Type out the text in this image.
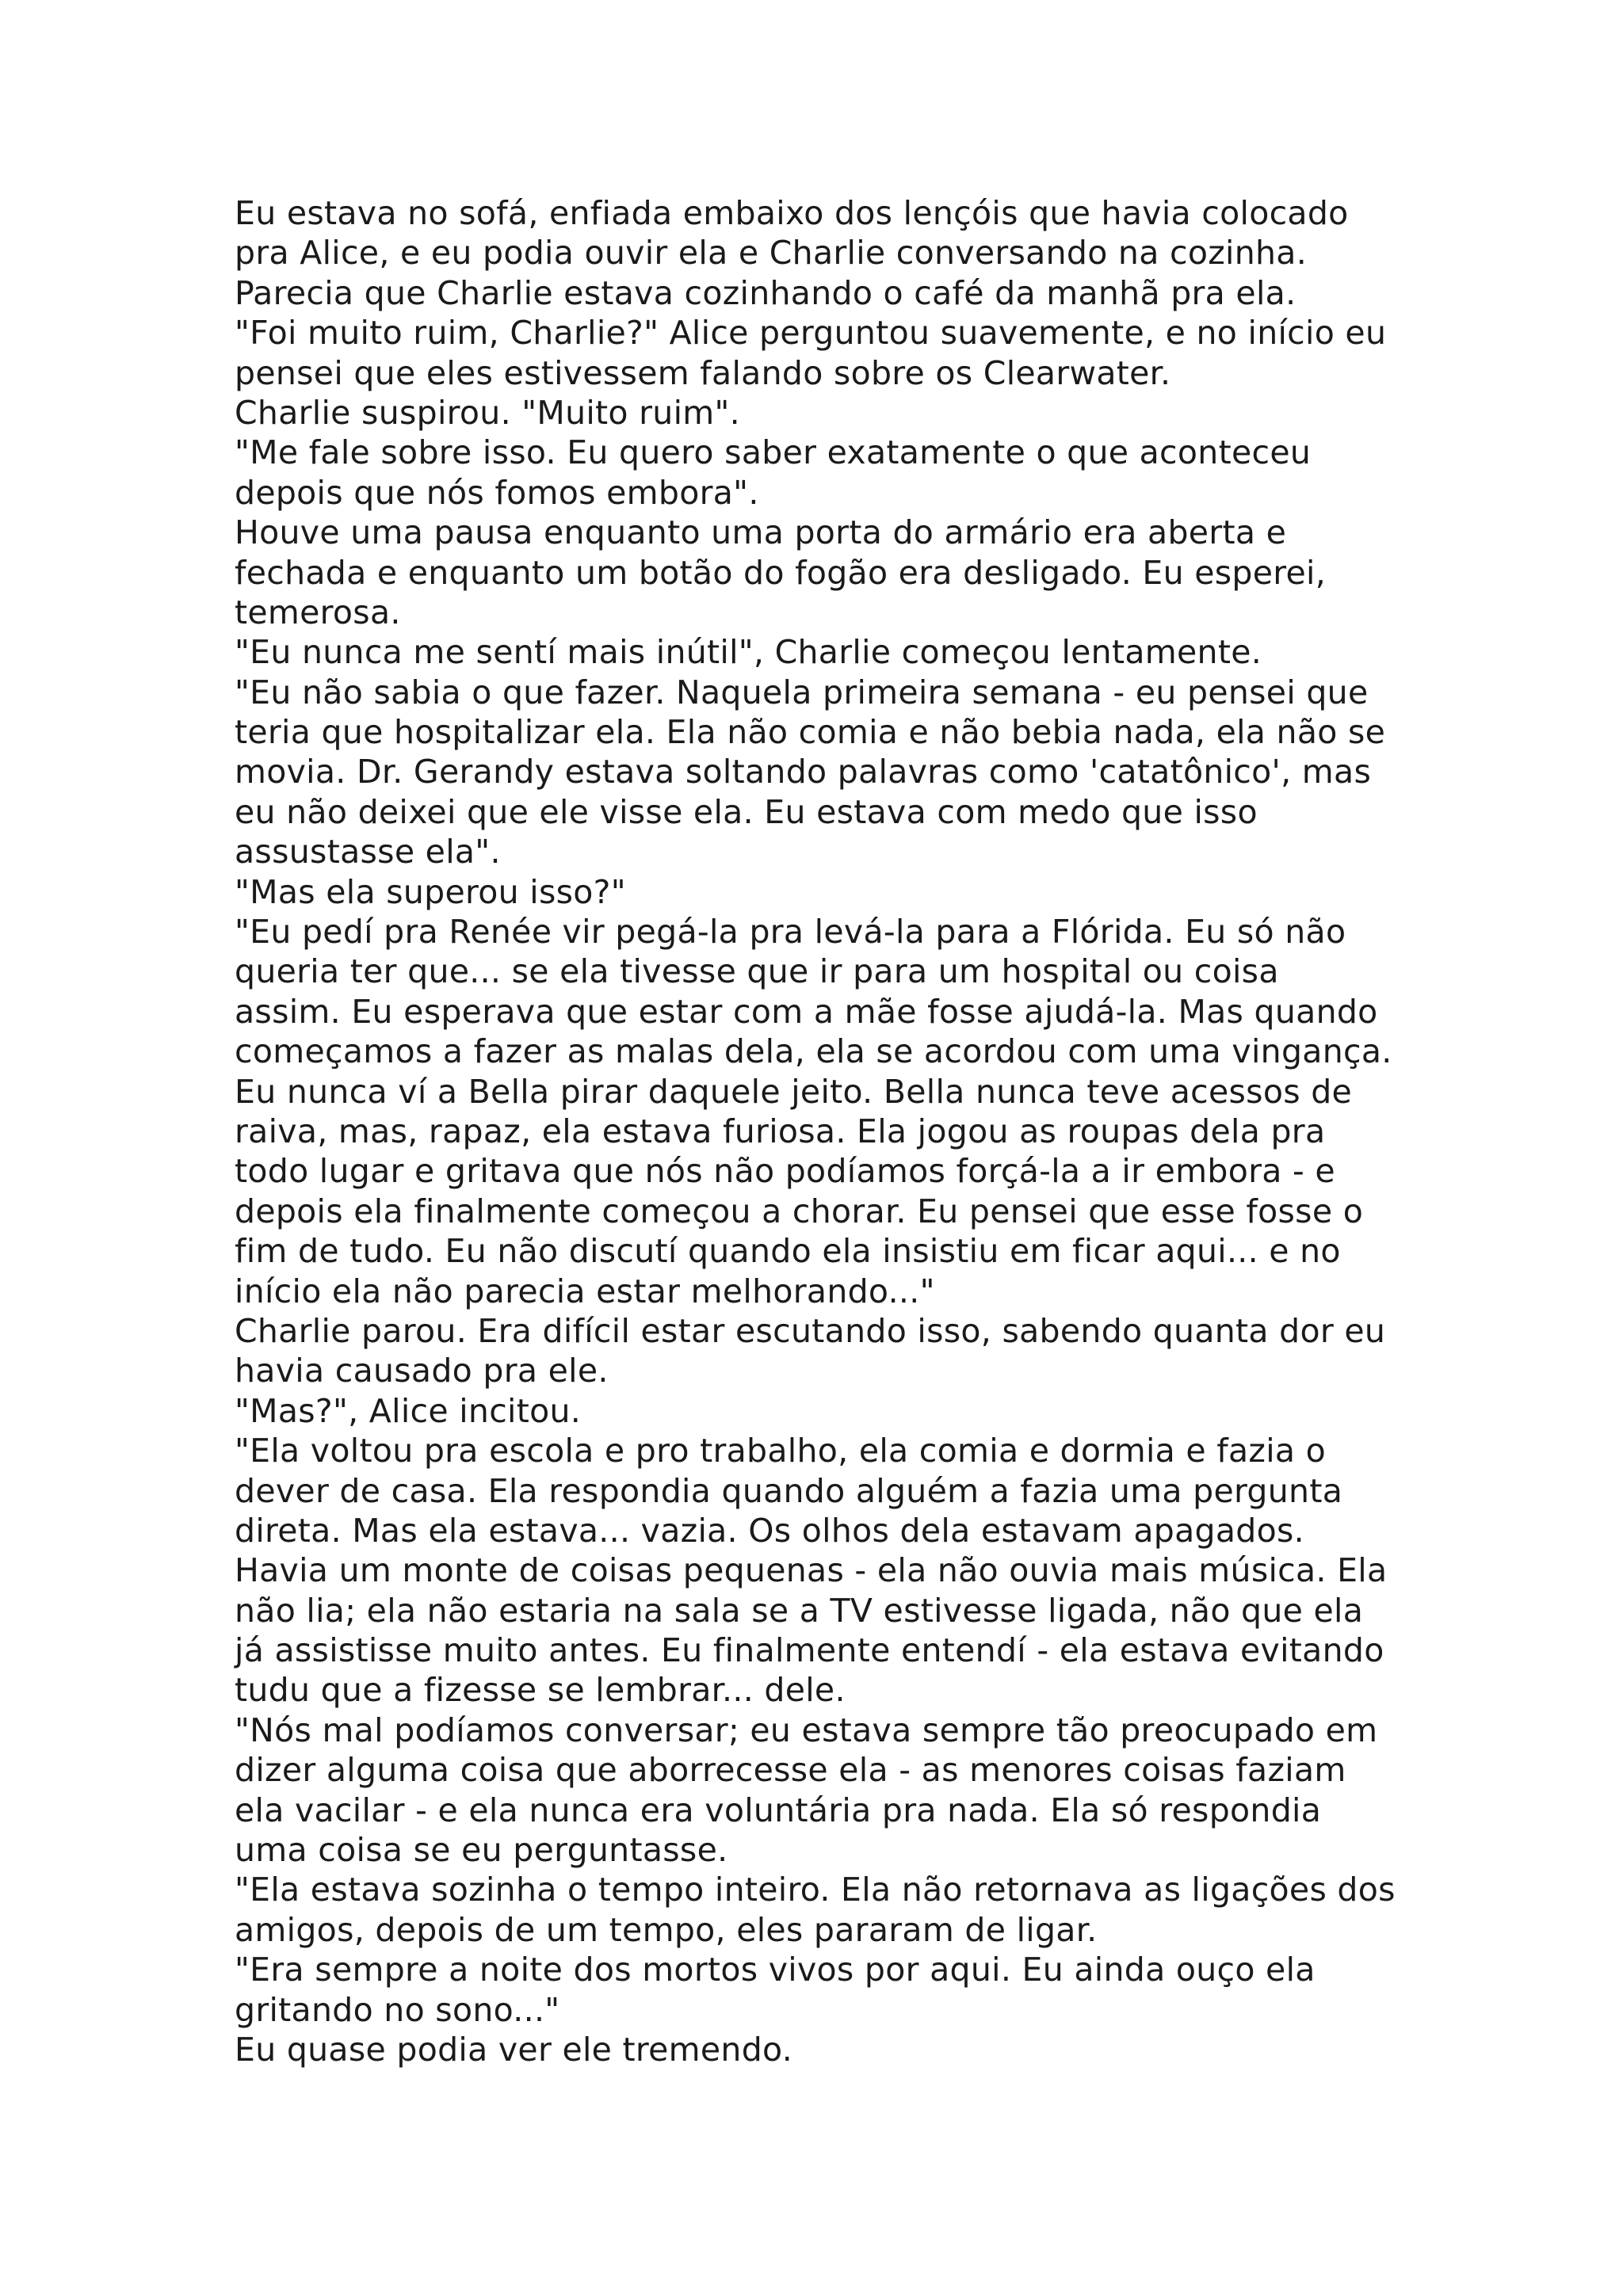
Eu estava no sofá, enfiada embaixo dos lençóis que havia colocado
pra Alice, e eu podia ouvir ela e Charlie conversando na cozinha.
Parecia que Charlie estava cozinhando o café da manhã pra ela.
"Foi muito ruim, Charlie?" Alice perguntou suavemente, e no início eu
pensei que eles estivessem falando sobre os Clearwater.
Charlie suspirou. "Muito ruim".
"Me fale sobre isso. Eu quero saber exatamente o que aconteceu
depois que nós fomos embora".
Houve uma pausa enquanto uma porta do armário era aberta e
fechada e enquanto um botão do fogão era desligado. Eu esperei,
temerosa.
"Eu nunca me sentí mais inútil", Charlie começou lentamente.
"Eu não sabia o que fazer. Naquela primeira semana - eu pensei que
teria que hospitalizar ela. Ela não comia e não bebia nada, ela não se
movia. Dr. Gerandy estava soltando palavras como 'catatônico', mas
eu não deixei que ele visse ela. Eu estava com medo que isso
assustasse ela".
"Mas ela superou isso?"
"Eu pedí pra Renée vir pegá-la pra levá-la para a Flórida. Eu só não
queria ter que... se ela tivesse que ir para um hospital ou coisa
assim. Eu esperava que estar com a mãe fosse ajudá-la. Mas quando
começamos a fazer as malas dela, ela se acordou com uma vingança.
Eu nunca ví a Bella pirar daquele jeito. Bella nunca teve acessos de
raiva, mas, rapaz, ela estava furiosa. Ela jogou as roupas dela pra
todo lugar e gritava que nós não podíamos forçá-la a ir embora - e
depois ela finalmente começou a chorar. Eu pensei que esse fosse o
fim de tudo. Eu não discutí quando ela insistiu em ficar aqui... e no
início ela não parecia estar melhorando..."
Charlie parou. Era difícil estar escutando isso, sabendo quanta dor eu
havia causado pra ele.
"Mas?", Alice incitou.
"Ela voltou pra escola e pro trabalho, ela comia e dormia e fazia o
dever de casa. Ela respondia quando alguém a fazia uma pergunta
direta. Mas ela estava... vazia. Os olhos dela estavam apagados.
Havia um monte de coisas pequenas - ela não ouvia mais música. Ela
não lia; ela não estaria na sala se a TV estivesse ligada, não que ela
já assistisse muito antes. Eu finalmente entendí - ela estava evitando
tudu que a fizesse se lembrar... dele.
"Nós mal podíamos conversar; eu estava sempre tão preocupado em
dizer alguma coisa que aborrecesse ela - as menores coisas faziam
ela vacilar - e ela nunca era voluntária pra nada. Ela só respondia
uma coisa se eu perguntasse.
"Ela estava sozinha o tempo inteiro. Ela não retornava as ligações dos
amigos, depois de um tempo, eles pararam de ligar.
"Era sempre a noite dos mortos vivos por aqui. Eu ainda ouço ela
gritando no sono..."
Eu quase podia ver ele tremendo.
